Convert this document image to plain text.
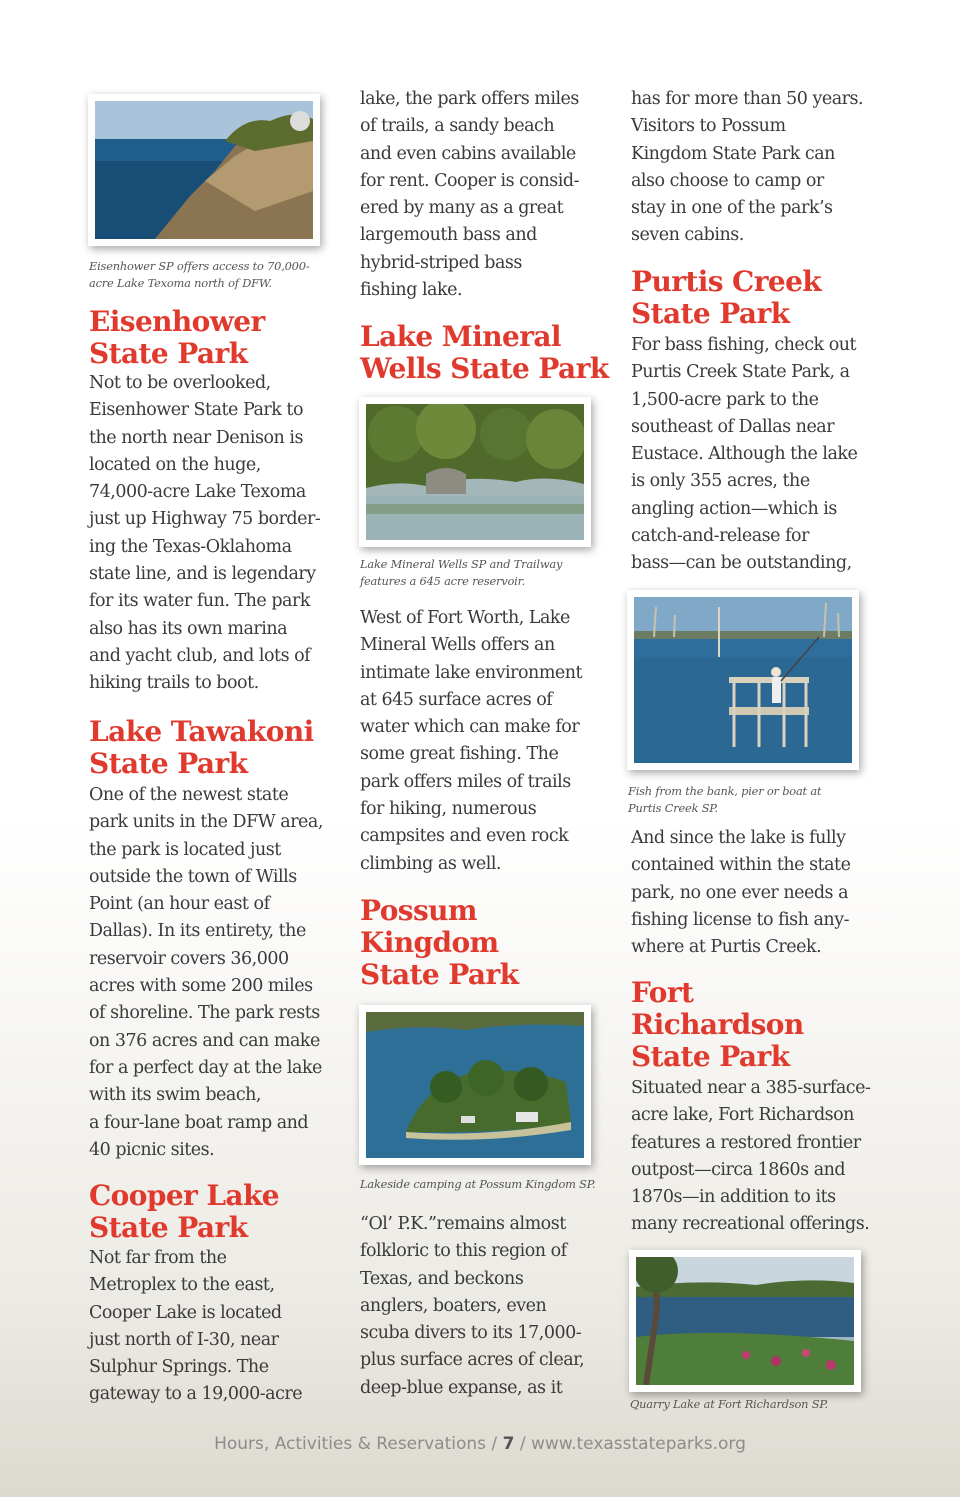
Eisenhower SP offers access to 70,000-
acre Lake Texoma north of DFW.
Eisenhower
State Park
Not to be overlooked,
Eisenhower State Park to
the north near Denison is
located on the huge,
74,000-acre Lake Texoma
just up Highway 75 border-
ing the Texas-Oklahoma
state line, and is legendary
for its water fun. The park
also has its own marina
and yacht club, and lots of
hiking trails to boot.
Lake Tawakoni
State Park
One of the newest state
park units in the DFW area,
the park is located just
outside the town of Wills
Point (an hour east of
Dallas). In its entirety, the
reservoir covers 36,000
acres with some 200 miles
of shoreline. The park rests
on 376 acres and can make
for a perfect day at the lake
with its swim beach,
a four-lane boat ramp and
40 picnic sites.
Cooper Lake
State Park
Not far from the
Metroplex to the east,
Cooper Lake is located
just north of I-30, near
Sulphur Springs. The
gateway to a 19,000-acre
lake, the park offers miles
of trails, a sandy beach
and even cabins available
for rent. Cooper is consid-
ered by many as a great
largemouth bass and
hybrid-striped bass
fishing lake.
Lake Mineral
Wells State Park
Lake Mineral Wells SP and Trailway
features a 645 acre reservoir.
West of Fort Worth, Lake
Mineral Wells offers an
intimate lake environment
at 645 surface acres of
water which can make for
some great fishing. The
park offers miles of trails
for hiking, numerous
campsites and even rock
climbing as well.
Possum
Kingdom
State Park
Lakeside camping at Possum Kingdom SP.
“Ol’ P.K.”remains almost
folkloric to this region of
Texas, and beckons
anglers, boaters, even
scuba divers to its 17,000-
plus surface acres of clear,
deep-blue expanse, as it
has for more than 50 years.
Visitors to Possum
Kingdom State Park can
also choose to camp or
stay in one of the park’s
seven cabins.
Purtis Creek
State Park
For bass fishing, check out
Purtis Creek State Park, a
1,500-acre park to the
southeast of Dallas near
Eustace. Although the lake
is only 355 acres, the
angling action—which is
catch-and-release for
bass—can be outstanding,
Fish from the bank, pier or boat at
Purtis Creek SP.
And since the lake is fully
contained within the state
park, no one ever needs a
fishing license to fish any-
where at Purtis Creek.
Fort
Richardson
State Park
Situated near a 385-surface-
acre lake, Fort Richardson
features a restored frontier
outpost—circa 1860s and
1870s—in addition to its
many recreational offerings.
Quarry Lake at Fort Richardson SP.
Hours, Activities & Reservations / 7 / www.texasstateparks.org
